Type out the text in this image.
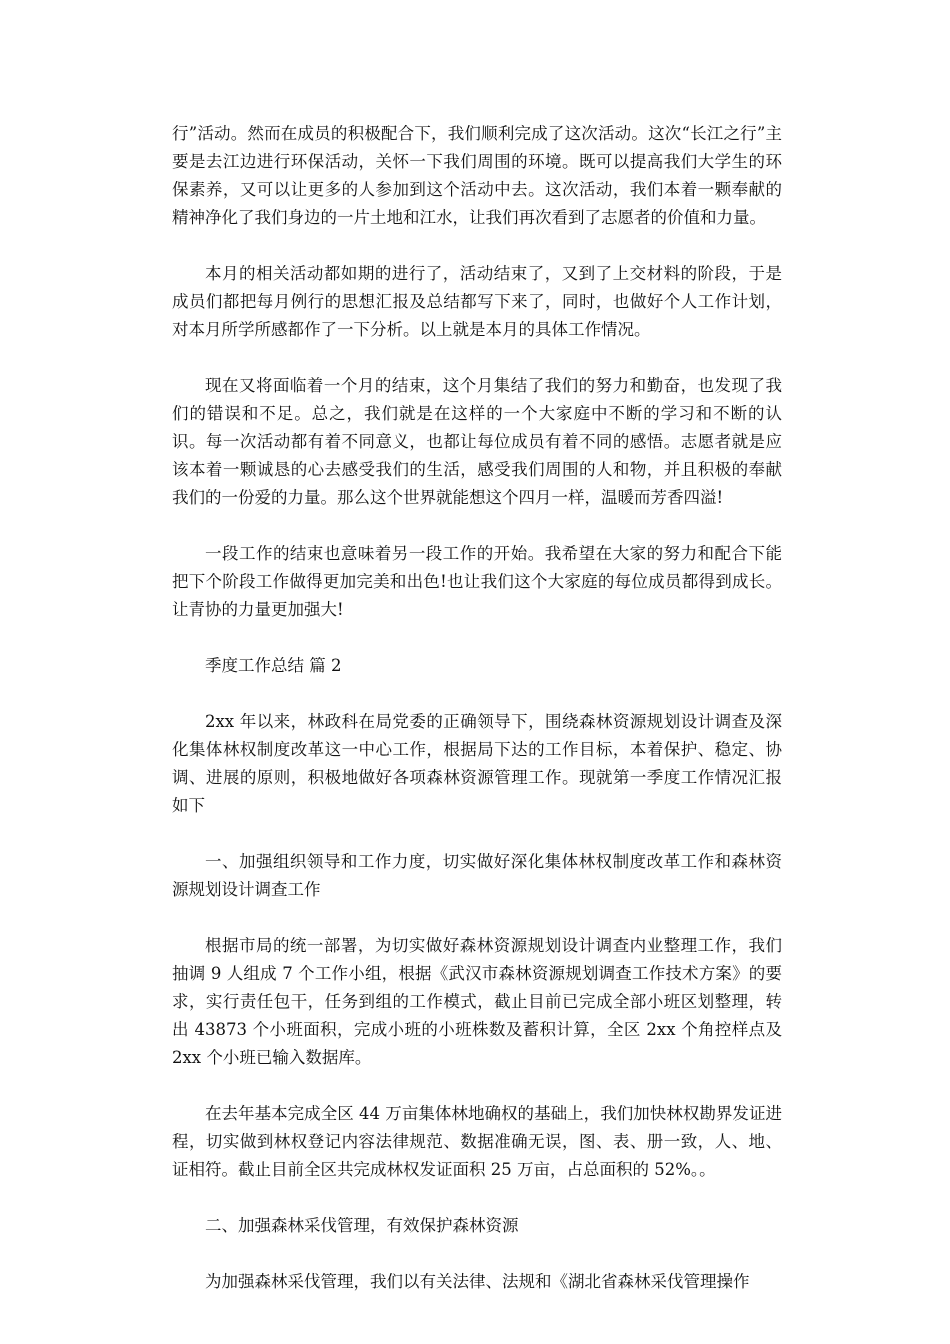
行”活动。然而在成员的积极配合下，我们顺利完成了这次活动。这次“长江之行”主要是去江边进行环保活动，关怀一下我们周围的环境。既可以提高我们大学生的环保素养，又可以让更多的人参加到这个活动中去。这次活动，我们本着一颗奉献的精神净化了我们身边的一片土地和江水，让我们再次看到了志愿者的价值和力量。

本月的相关活动都如期的进行了，活动结束了，又到了上交材料的阶段，于是成员们都把每月例行的思想汇报及总结都写下来了，同时，也做好个人工作计划，对本月所学所感都作了一下分析。以上就是本月的具体工作情况。

现在又将面临着一个月的结束，这个月集结了我们的努力和勤奋，也发现了我们的错误和不足。总之，我们就是在这样的一个大家庭中不断的学习和不断的认识。每一次活动都有着不同意义，也都让每位成员有着不同的感悟。志愿者就是应该本着一颗诚恳的心去感受我们的生活，感受我们周围的人和物，并且积极的奉献我们的一份爱的力量。那么这个世界就能想这个四月一样，温暖而芳香四溢!

一段工作的结束也意味着另一段工作的开始。我希望在大家的努力和配合下能把下个阶段工作做得更加完美和出色!也让我们这个大家庭的每位成员都得到成长。让青协的力量更加强大!

季度工作总结 篇 2

2xx 年以来，林政科在局党委的正确领导下，围绕森林资源规划设计调查及深化集体林权制度改革这一中心工作，根据局下达的工作目标，本着保护、稳定、协调、进展的原则，积极地做好各项森林资源管理工作。现就第一季度工作情况汇报如下

一、加强组织领导和工作力度，切实做好深化集体林权制度改革工作和森林资源规划设计调查工作

根据市局的统一部署，为切实做好森林资源规划设计调查内业整理工作，我们抽调 9 人组成 7 个工作小组，根据《武汉市森林资源规划调查工作技术方案》的要求，实行责任包干，任务到组的工作模式，截止目前已完成全部小班区划整理，转出 43873 个小班面积，完成小班的小班株数及蓄积计算，全区 2xx 个角控样点及 2xx 个小班已输入数据库。

在去年基本完成全区 44 万亩集体林地确权的基础上，我们加快林权勘界发证进程，切实做到林权登记内容法律规范、数据准确无误，图、表、册一致，人、地、证相符。截止目前全区共完成林权发证面积 25 万亩，占总面积的 52%。。

二、加强森林采伐管理，有效保护森林资源

为加强森林采伐管理，我们以有关法律、法规和《湖北省森林采伐管理操作
